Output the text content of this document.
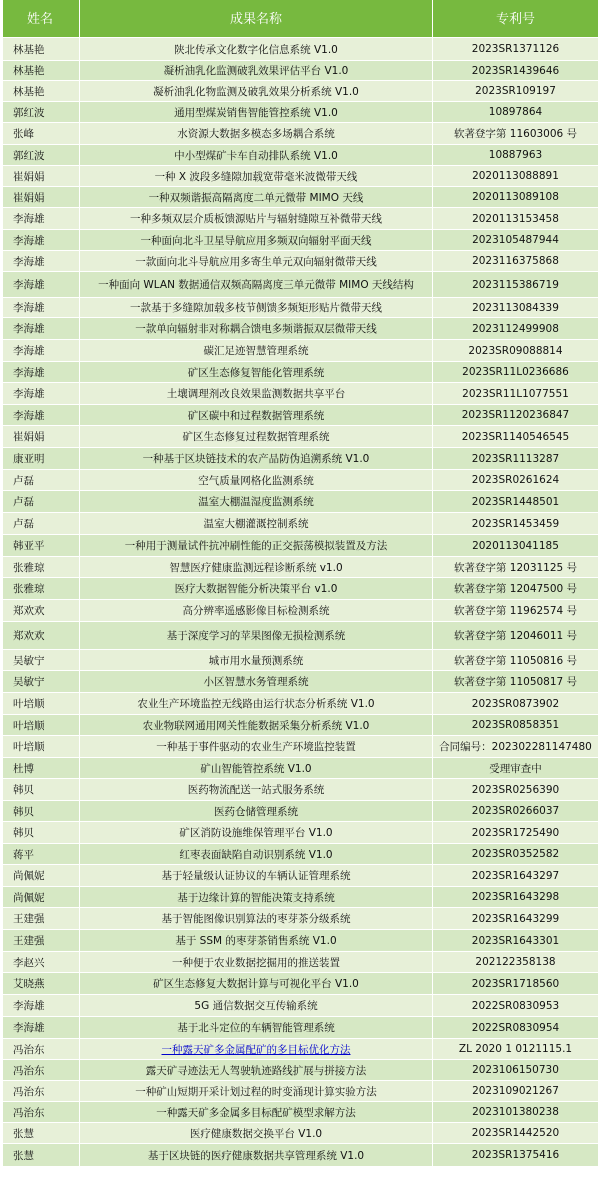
姓名	成果名称	专利号
林基艳	陕北传承文化数字化信息系统 V1.0	2023SR1371126
林基艳	凝析油乳化监测破乳效果评估平台 V1.0	2023SR1439646
林基艳	凝析油乳化物监测及破乳效果分析系统 V1.0	2023SR109197
郭红波	通用型煤炭销售智能管控系统 V1.0	10897864
张峰	水资源大数据多模态多场耦合系统	软著登字第 11603006 号
郭红波	中小型煤矿卡车自动排队系统 V1.0	10887963
崔娟娟	一种 X 波段多缝隙加载宽带毫米波微带天线	2020113088891
崔娟娟	一种双频谐振高隔离度二单元微带 MIMO 天线	2020113089108
李海雄	一种多频双层介质板馈源贴片与辐射缝隙互补微带天线	2020113153458
李海雄	一种面向北斗卫星导航应用多频双向辐射平面天线	2023105487944
李海雄	一款面向北斗导航应用多寄生单元双向辐射微带天线	2023116375868
李海雄	一种面向 WLAN 数据通信双频高隔离度三单元微带 MIMO 天线结构	2023115386719
李海雄	一款基于多缝隙加载多枝节侧馈多频矩形贴片微带天线	2023113084339
李海雄	一款单向辐射非对称耦合馈电多频谐振双层微带天线	2023112499908
李海雄	碳汇足迹智慧管理系统	2023SR09088814
李海雄	矿区生态修复智能化管理系统	2023SR11L0236686
李海雄	土壤调理剂改良效果监测数据共享平台	2023SR11L1077551
李海雄	矿区碳中和过程数据管理系统	2023SR1120236847
崔娟娟	矿区生态修复过程数据管理系统	2023SR1140546545
康亚明	一种基于区块链技术的农产品防伪追溯系统 V1.0	2023SR1113287
卢磊	空气质量网格化监测系统	2023SR0261624
卢磊	温室大棚温湿度监测系统	2023SR1448501
卢磊	温室大棚灌溉控制系统	2023SR1453459
韩亚平	一种用于测量试件抗冲刷性能的正交振荡模拟装置及方法	2020113041185
张雅琼	智慧医疗健康监测远程诊断系统 v1.0	软著登字第 12031125 号
张雅琼	医疗大数据智能分析决策平台 v1.0	软著登字第 12047500 号
郑欢欢	高分辨率遥感影像目标检测系统	软著登字第 11962574 号
郑欢欢	基于深度学习的苹果图像无损检测系统	软著登字第 12046011 号
吴敏宁	城市用水量预测系统	软著登字第 11050816 号
吴敏宁	小区智慧水务管理系统	软著登字第 11050817 号
叶培顺	农业生产环境监控无线路由运行状态分析系统 V1.0	2023SR0873902
叶培顺	农业物联网通用网关性能数据采集分析系统 V1.0	2023SR0858351
叶培顺	一种基于事件驱动的农业生产环境监控装置	合同编号：202302281147480
杜博	矿山智能管控系统 V1.0	受理审查中
韩贝	医药物流配送一站式服务系统	2023SR0256390
韩贝	医药仓储管理系统	2023SR0266037
韩贝	矿区消防设施维保管理平台 V1.0	2023SR1725490
蒋平	红枣表面缺陷自动识别系统 V1.0	2023SR0352582
尚佩妮	基于轻量级认证协议的车辆认证管理系统	2023SR1643297
尚佩妮	基于边缘计算的智能决策支持系统	2023SR1643298
王建强	基于智能图像识别算法的枣芽茶分级系统	2023SR1643299
王建强	基于 SSM 的枣芽茶销售系统 V1.0	2023SR1643301
李赵兴	一种便于农业数据挖掘用的推送装置	202122358138
艾晓燕	矿区生态修复大数据计算与可视化平台 V1.0	2023SR1718560
李海雄	5G 通信数据交互传输系统	2022SR0830953
李海雄	基于北斗定位的车辆智能管理系统	2022SR0830954
冯治东	一种露天矿多金属配矿的多目标优化方法	ZL 2020 1 0121115.1
冯治东	露天矿寻迹法无人驾驶轨迹路线扩展与拼接方法	2023106150730
冯治东	一种矿山短期开采计划过程的时变涌现计算实验方法	2023109021267
冯治东	一种露天矿多金属多目标配矿模型求解方法	2023101380238
张慧	医疗健康数据交换平台 V1.0	2023SR1442520
张慧	基于区块链的医疗健康数据共享管理系统 V1.0	2023SR1375416
